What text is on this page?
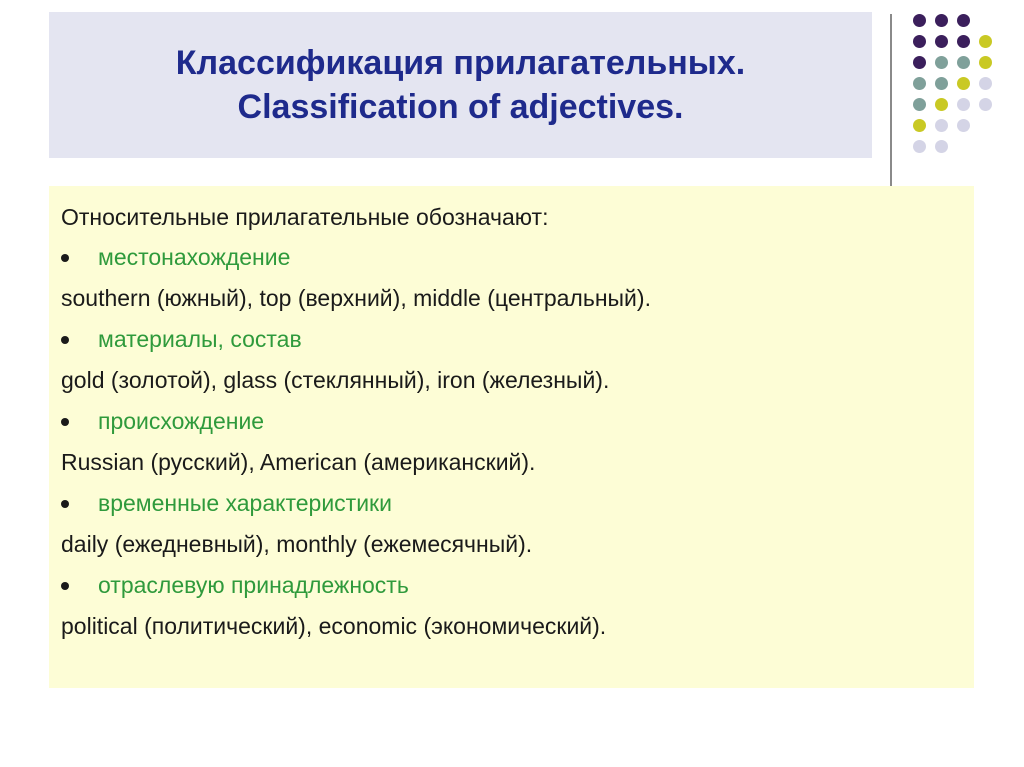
Классификация прилагательных.
Classification of adjectives.
Относительные прилагательные обозначают:
местонахождение
southern (южный), top (верхний), middle (центральный).
материалы, состав
gold (золотой), glass (стеклянный), iron (железный).
происхождение
Russian (русский), American (американский).
временные характеристики
daily (ежедневный), monthly (ежемесячный).
отраслевую принадлежность
political (политический), economic (экономический).
